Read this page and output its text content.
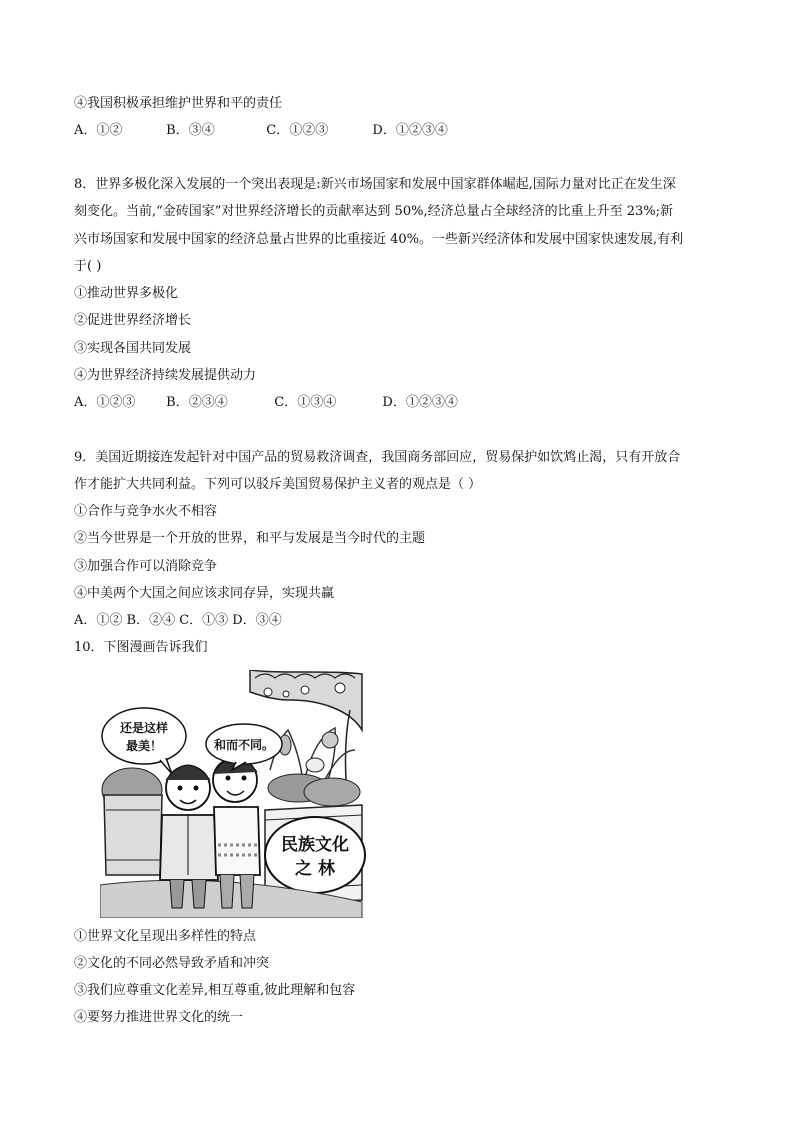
④我国积极承担维护世界和平的责任
A．①②	B．③④	C．①②③	D．①②③④
8．世界多极化深入发展的一个突出表现是:新兴市场国家和发展中国家群体崛起,国际力量对比正在发生深
刻变化。当前,“金砖国家”对世界经济增长的贡献率达到 50%,经济总量占全球经济的比重上升至 23%;新
兴市场国家和发展中国家的经济总量占世界的比重接近 40%。一些新兴经济体和发展中国家快速发展,有利
于( )
①推动世界多极化
②促进世界经济增长
③实现各国共同发展
④为世界经济持续发展提供动力
A．①②③ B．②③④	C．①③④	D．①②③④
9．美国近期接连发起针对中国产品的贸易救济调查，我国商务部回应，贸易保护如饮鸩止渴，只有开放合
作才能扩大共同利益。下列可以驳斥美国贸易保护主义者的观点是（ ）
①合作与竞争水火不相容
②当今世界是一个开放的世界，和平与发展是当今时代的主题
③加强合作可以消除竞争
④中美两个大国之间应该求同存异，实现共赢
A．①② B．②④ C．①③ D．③④
10．下图漫画告诉我们
民族文化
之 林
还是这样
最美！	和而不同。
①世界文化呈现出多样性的特点
②文化的不同必然导致矛盾和冲突
③我们应尊重文化差异,相互尊重,彼此理解和包容
④要努力推进世界文化的统一
